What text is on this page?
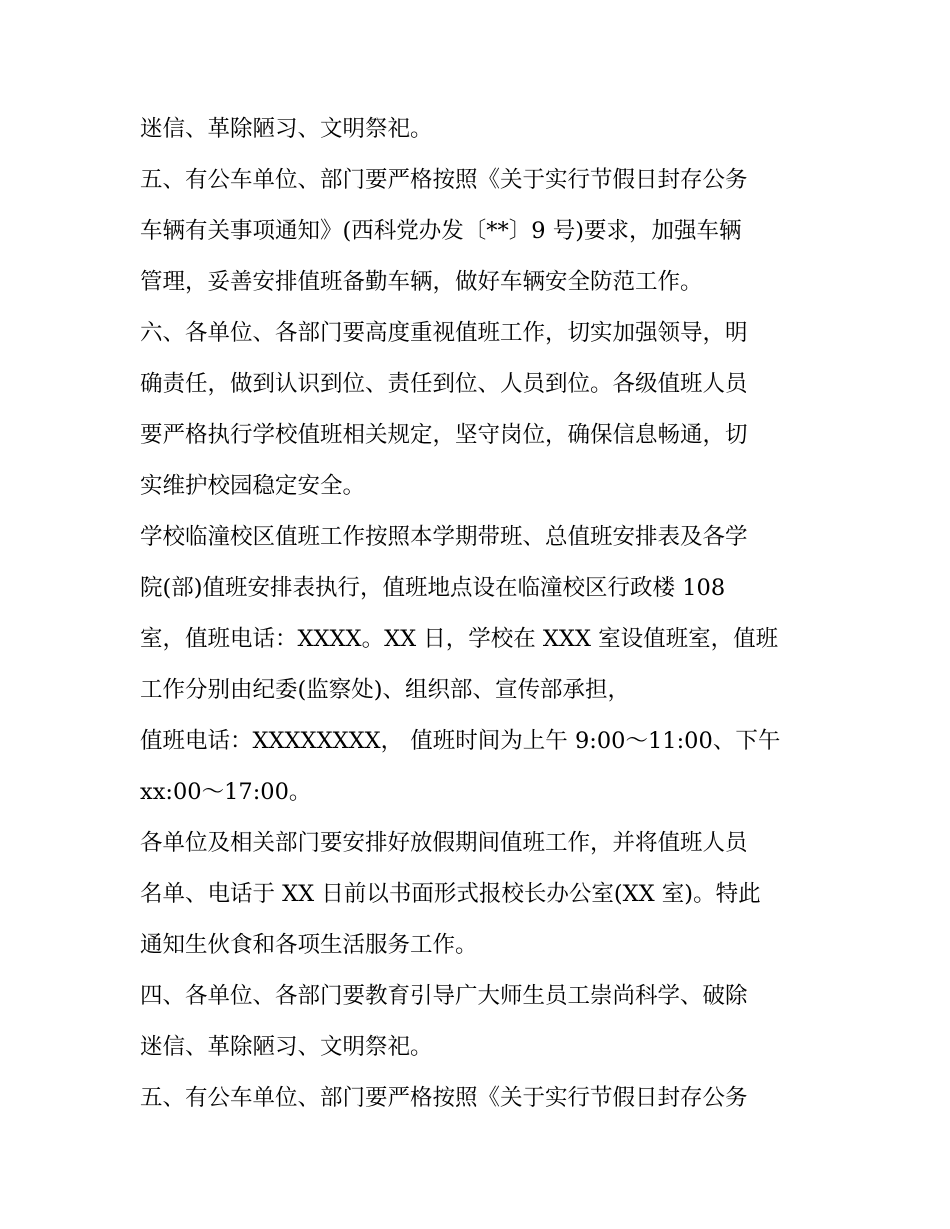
迷信、革除陋习、文明祭祀。
五、有公车单位、部门要严格按照《关于实行节假日封存公务
车辆有关事项通知》(西科党办发〔**〕9 号)要求，加强车辆
管理，妥善安排值班备勤车辆，做好车辆安全防范工作。
六、各单位、各部门要高度重视值班工作，切实加强领导，明
确责任，做到认识到位、责任到位、人员到位。各级值班人员
要严格执行学校值班相关规定，坚守岗位，确保信息畅通，切
实维护校园稳定安全。
学校临潼校区值班工作按照本学期带班、总值班安排表及各学
院(部)值班安排表执行，值班地点设在临潼校区行政楼 108
室，值班电话：XXXX。XX 日，学校在 XXX 室设值班室，值班
工作分别由纪委(监察处)、组织部、宣传部承担，
值班电话：XXXXXXXX， 值班时间为上午 9:00～11:00、下午
xx:00～17:00。
各单位及相关部门要安排好放假期间值班工作，并将值班人员
名单、电话于 XX 日前以书面形式报校长办公室(XX 室)。特此
通知生伙食和各项生活服务工作。
四、各单位、各部门要教育引导广大师生员工崇尚科学、破除
迷信、革除陋习、文明祭祀。
五、有公车单位、部门要严格按照《关于实行节假日封存公务
